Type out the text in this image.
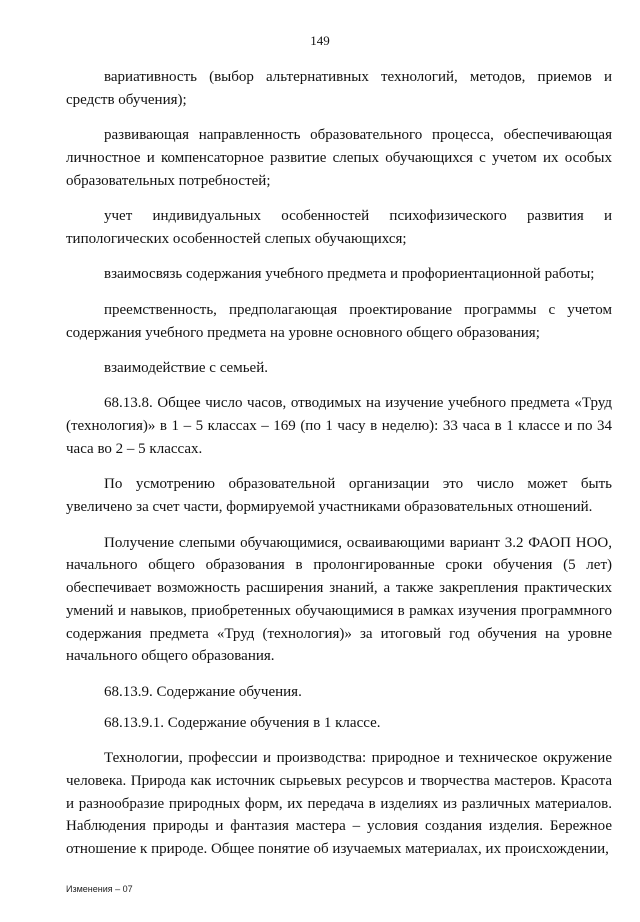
149

вариативность (выбор альтернативных технологий, методов, приемов и средств обучения);

развивающая направленность образовательного процесса, обеспечивающая личностное и компенсаторное развитие слепых обучающихся с учетом их особых образовательных потребностей;

учет индивидуальных особенностей психофизического развития и типологических особенностей слепых обучающихся;

взаимосвязь содержания учебного предмета и профориентационной работы;

преемственность, предполагающая проектирование программы с учетом содержания учебного предмета на уровне основного общего образования;

взаимодействие с семьей.

68.13.8. Общее число часов, отводимых на изучение учебного предмета «Труд (технология)» в 1 – 5 классах – 169 (по 1 часу в неделю): 33 часа в 1 классе и по 34 часа во 2 – 5 классах.

По усмотрению образовательной организации это число может быть увеличено за счет части, формируемой участниками образовательных отношений.

Получение слепыми обучающимися, осваивающими вариант 3.2 ФАОП НОО, начального общего образования в пролонгированные сроки обучения (5 лет) обеспечивает возможность расширения знаний, а также закрепления практических умений и навыков, приобретенных обучающимися в рамках изучения программного содержания предмета «Труд (технология)» за итоговый год обучения на уровне начального общего образования.

68.13.9. Содержание обучения.

68.13.9.1. Содержание обучения в 1 классе.

Технологии, профессии и производства: природное и техническое окружение человека. Природа как источник сырьевых ресурсов и творчества мастеров. Красота и разнообразие природных форм, их передача в изделиях из различных материалов. Наблюдения природы и фантазия мастера – условия создания изделия. Бережное отношение к природе. Общее понятие об изучаемых материалах, их происхождении,

Изменения – 07
